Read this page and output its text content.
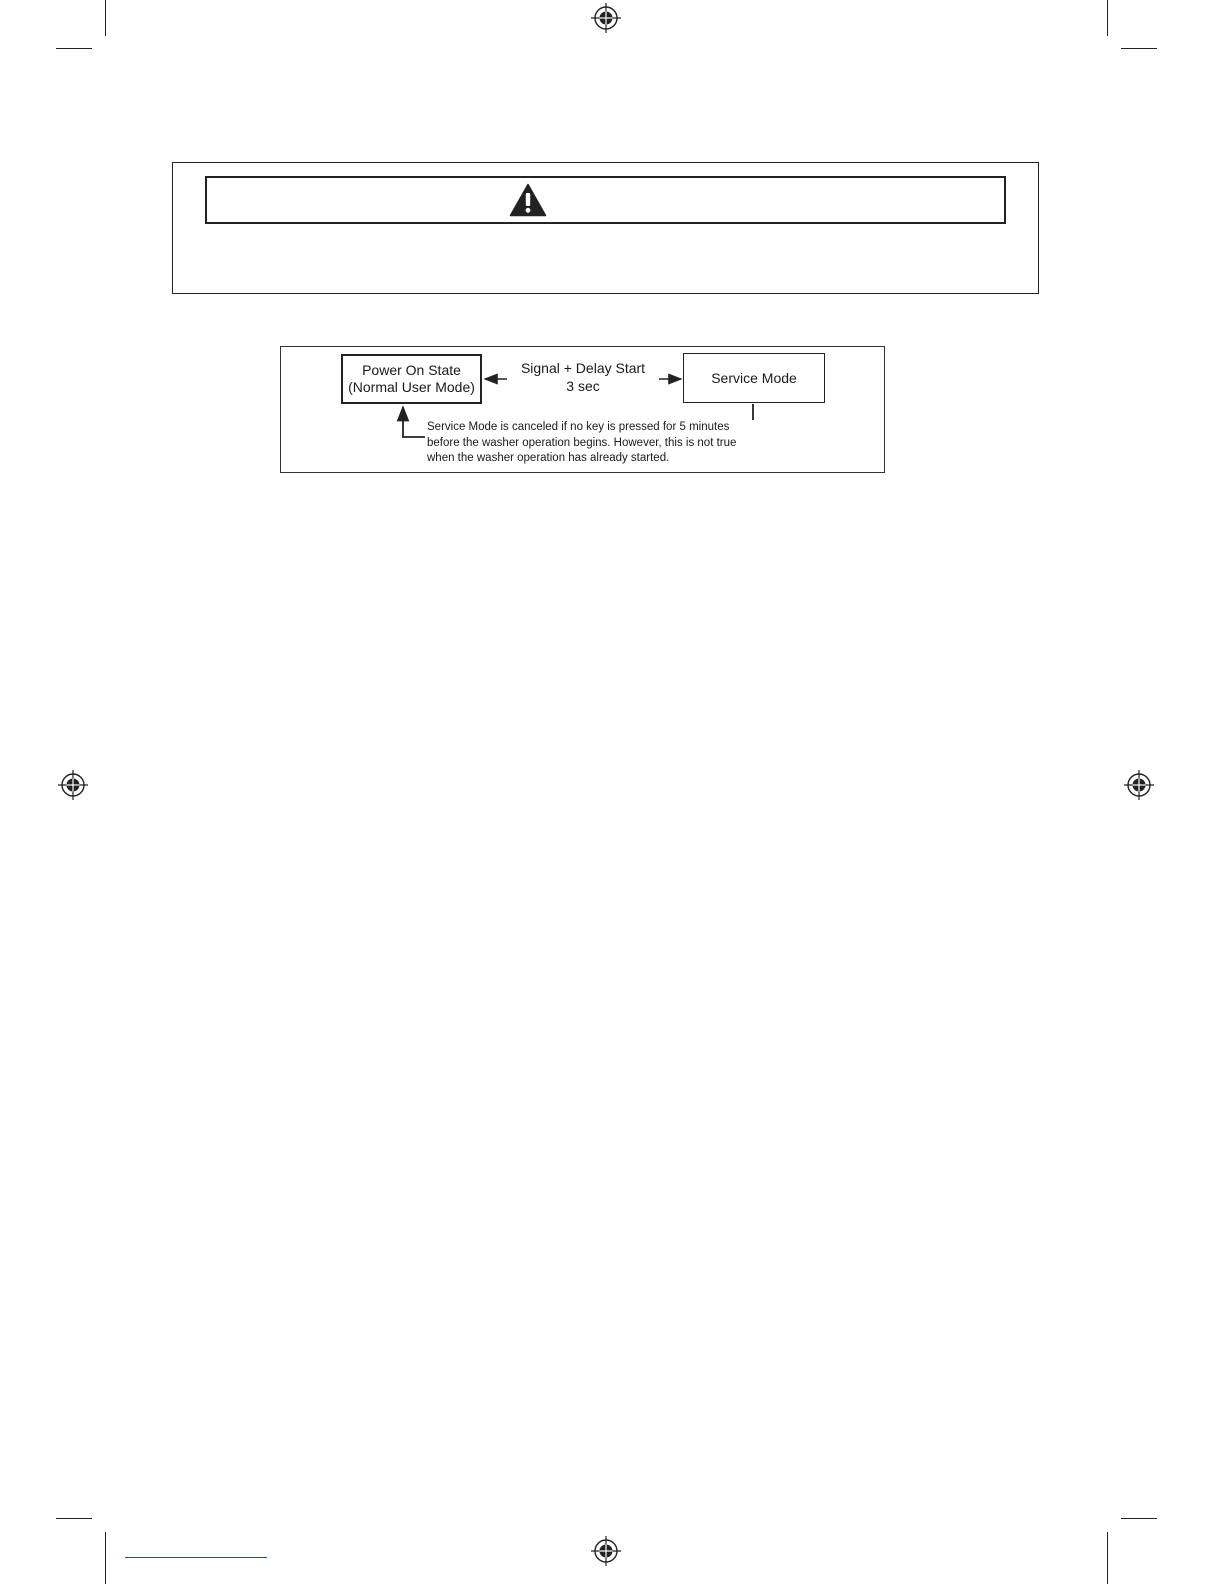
Power On State
(Normal User Mode)
Signal + Delay Start
3 sec
Service Mode
Service Mode is canceled if no key is pressed for 5 minutes
before the washer operation begins. However, this is not true
when the washer operation has already started.
